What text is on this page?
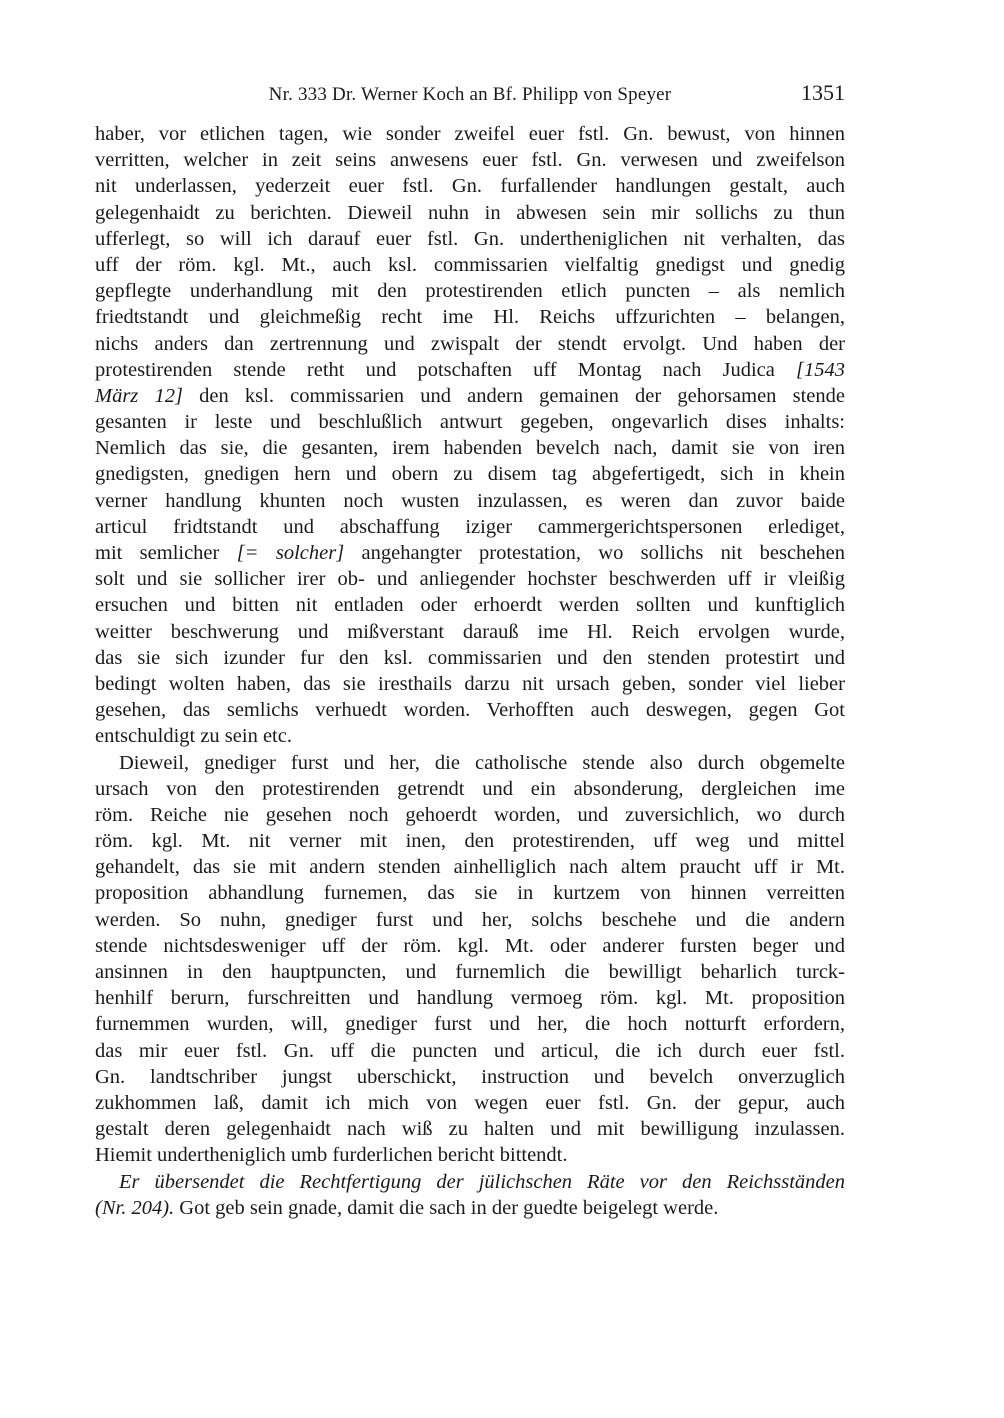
Nr. 333 Dr. Werner Koch an Bf. Philipp von Speyer	1351
haber, vor etlichen tagen, wie sonder zweifel euer fstl. Gn. bewust, von hinnen
verritten, welcher in zeit seins anwesens euer fstl. Gn. verwesen und zweifelson
nit underlassen, yederzeit euer fstl. Gn. furfallender handlungen gestalt, auch
gelegenhaidt zu berichten. Dieweil nuhn in abwesen sein mir sollichs zu thun
ufferlegt, so will ich darauf euer fstl. Gn. undertheniglichen nit verhalten, das
uff der röm. kgl. Mt., auch ksl. commissarien vielfaltig gnedigst und gnedig
gepflegte underhandlung mit den protestirenden etlich puncten – als nemlich
friedtstandt und gleichmeßig recht ime Hl. Reichs uffzurichten – belangen,
nichs anders dan zertrennung und zwispalt der stendt ervolgt. Und haben der
protestirenden stende retht und potschaften uff Montag nach Judica [1543
März 12] den ksl. commissarien und andern gemainen der gehorsamen stende
gesanten ir leste und beschlußlich antwurt gegeben, ongevarlich dises inhalts:
Nemlich das sie, die gesanten, irem habenden bevelch nach, damit sie von iren
gnedigsten, gnedigen hern und obern zu disem tag abgefertigedt, sich in khein
verner handlung khunten noch wusten inzulassen, es weren dan zuvor baide
articul fridtstandt und abschaffung iziger cammergerichtspersonen erlediget,
mit semlicher [= solcher] angehangter protestation, wo sollichs nit beschehen
solt und sie sollicher irer ob- und anliegender hochster beschwerden uff ir vleißig
ersuchen und bitten nit entladen oder erhoerdt werden sollten und kunftiglich
weitter beschwerung und mißverstant darauß ime Hl. Reich ervolgen wurde,
das sie sich izunder fur den ksl. commissarien und den stenden protestirt und
bedingt wolten haben, das sie iresthails darzu nit ursach geben, sonder viel lieber
gesehen, das semlichs verhuedt worden. Verhofften auch deswegen, gegen Got
entschuldigt zu sein etc.
Dieweil, gnediger furst und her, die catholische stende also durch obgemelte
ursach von den protestirenden getrendt und ein absonderung, dergleichen ime
röm. Reiche nie gesehen noch gehoerdt worden, und zuversichlich, wo durch
röm. kgl. Mt. nit verner mit inen, den protestirenden, uff weg und mittel
gehandelt, das sie mit andern stenden ainhelliglich nach altem praucht uff ir Mt.
proposition abhandlung furnemen, das sie in kurtzem von hinnen verreitten
werden. So nuhn, gnediger furst und her, solchs beschehe und die andern
stende nichtsdesweniger uff der röm. kgl. Mt. oder anderer fursten beger und
ansinnen in den hauptpuncten, und furnemlich die bewilligt beharlich turck-
henhilf berurn, furschreitten und handlung vermoeg röm. kgl. Mt. proposition
furnemmen wurden, will, gnediger furst und her, die hoch notturft erfordern,
das mir euer fstl. Gn. uff die puncten und articul, die ich durch euer fstl.
Gn. landtschriber jungst uberschickt, instruction und bevelch onverzuglich
zukhommen laß, damit ich mich von wegen euer fstl. Gn. der gepur, auch
gestalt deren gelegenhaidt nach wiß zu halten und mit bewilligung inzulassen.
Hiemit undertheniglich umb furderlichen bericht bittendt.
Er übersendet die Rechtfertigung der jülichschen Räte vor den Reichsständen
(Nr. 204). Got geb sein gnade, damit die sach in der guedte beigelegt werde.
